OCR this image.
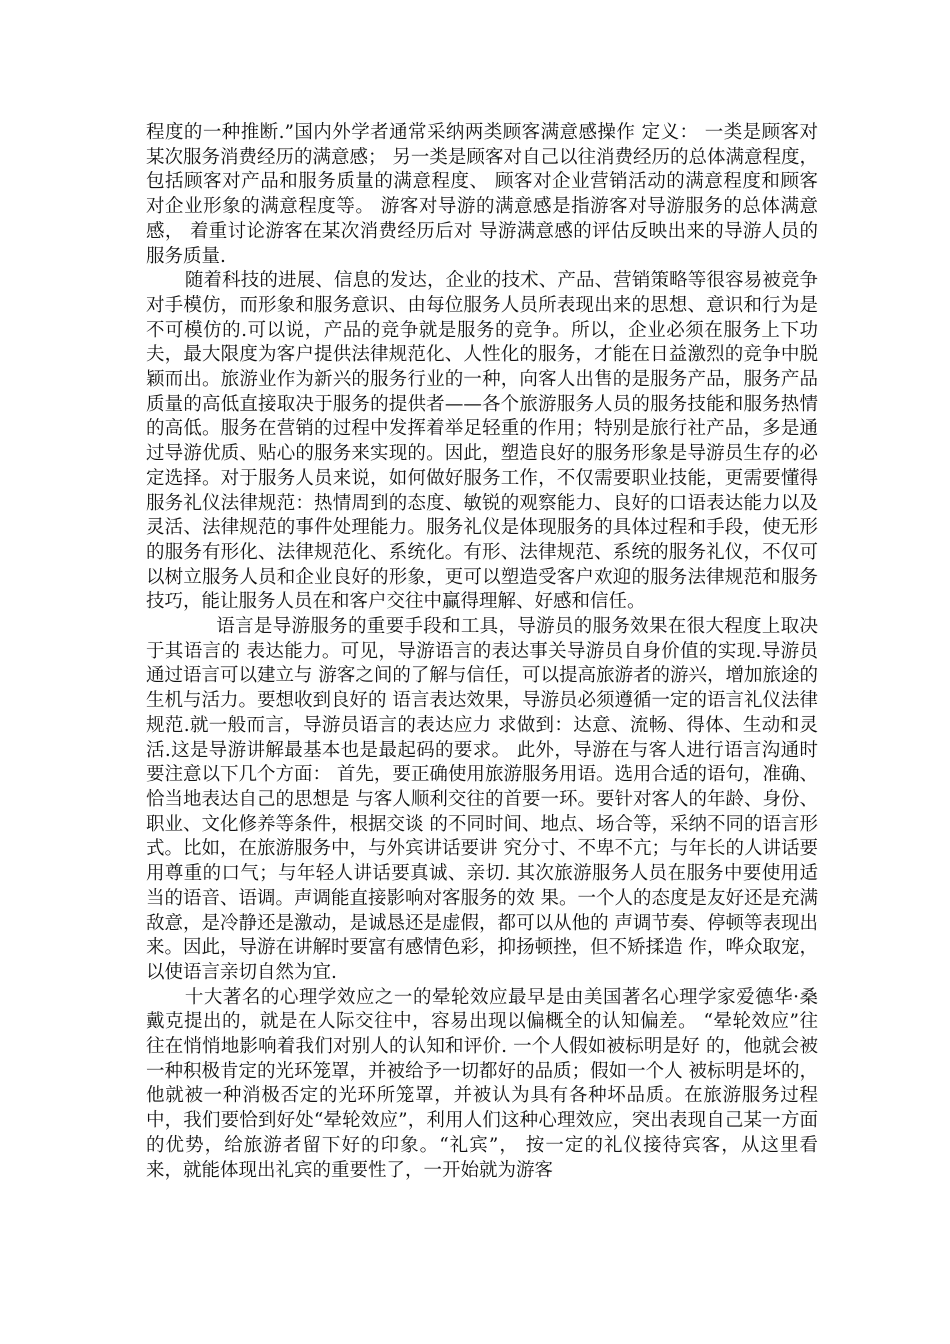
程度的一种推断.”国内外学者通常采纳两类顾客满意感操作 定义： 一类是顾客对某次服务消费经历的满意感； 另一类是顾客对自己以往消费经历的总体满意程度， 包括顾客对产品和服务质量的满意程度、 顾客对企业营销活动的满意程度和顾客 对企业形象的满意程度等。 游客对导游的满意感是指游客对导游服务的总体满意感， 着重讨论游客在某次消费经历后对 导游满意感的评估反映出来的导游人员的服务质量.

随着科技的进展、信息的发达，企业的技术、产品、营销策略等很容易被竞争对手模仿，而形象和服务意识、由每位服务人员所表现出来的思想、意识和行为是不可模仿的.可以说，产品的竞争就是服务的竞争。所以，企业必须在服务上下功夫，最大限度为客户提供法律规范化、人性化的服务，才能在日益激烈的竞争中脱颖而出。旅游业作为新兴的服务行业的一种，向客人出售的是服务产品，服务产品质量的高低直接取决于服务的提供者——各个旅游服务人员的服务技能和服务热情的高低。服务在营销的过程中发挥着举足轻重的作用；特别是旅行社产品，多是通过导游优质、贴心的服务来实现的。因此，塑造良好的服务形象是导游员生存的必定选择。对于服务人员来说，如何做好服务工作，不仅需要职业技能，更需要懂得服务礼仪法律规范：热情周到的态度、敏锐的观察能力、良好的口语表达能力以及灵活、法律规范的事件处理能力。服务礼仪是体现服务的具体过程和手段，使无形的服务有形化、法律规范化、系统化。有形、法律规范、系统的服务礼仪，不仅可以树立服务人员和企业良好的形象，更可以塑造受客户欢迎的服务法律规范和服务技巧，能让服务人员在和客户交往中赢得理解、好感和信任。

语言是导游服务的重要手段和工具，导游员的服务效果在很大程度上取决于其语言的 表达能力。可见，导游语言的表达事关导游员自身价值的实现.导游员通过语言可以建立与 游客之间的了解与信任，可以提高旅游者的游兴，增加旅途的生机与活力。要想收到良好的 语言表达效果，导游员必须遵循一定的语言礼仪法律规范.就一般而言，导游员语言的表达应力 求做到：达意、流畅、得体、生动和灵活.这是导游讲解最基本也是最起码的要求。 此外，导游在与客人进行语言沟通时要注意以下几个方面： 首先，要正确使用旅游服务用语。选用合适的语句，准确、恰当地表达自己的思想是 与客人顺利交往的首要一环。要针对客人的年龄、身份、职业、文化修养等条件，根据交谈 的不同时间、地点、场合等，采纳不同的语言形式。比如，在旅游服务中，与外宾讲话要讲 究分寸、不卑不亢；与年长的人讲话要用尊重的口气；与年轻人讲话要真诚、亲切. 其次旅游服务人员在服务中要使用适当的语音、语调。声调能直接影响对客服务的效 果。一个人的态度是友好还是充满敌意，是冷静还是激动，是诚恳还是虚假，都可以从他的 声调节奏、停顿等表现出来。因此，导游在讲解时要富有感情色彩，抑扬顿挫，但不矫揉造 作，哗众取宠，以使语言亲切自然为宜.

十大著名的心理学效应之一的晕轮效应最早是由美国著名心理学家爱德华·桑戴克提出的，就是在人际交往中，容易出现以偏概全的认知偏差。 “晕轮效应”往往在悄悄地影响着我们对别人的认知和评价. 一个人假如被标明是好 的，他就会被一种积极肯定的光环笼罩，并被给予一切都好的品质；假如一个人 被标明是坏的，他就被一种消极否定的光环所笼罩，并被认为具有各种坏品质。在旅游服务过程中，我们要恰到好处“晕轮效应”，利用人们这种心理效应，突出表现自己某一方面的优势，给旅游者留下好的印象。“礼宾”， 按一定的礼仪接待宾客，从这里看来，就能体现出礼宾的重要性了，一开始就为游客
